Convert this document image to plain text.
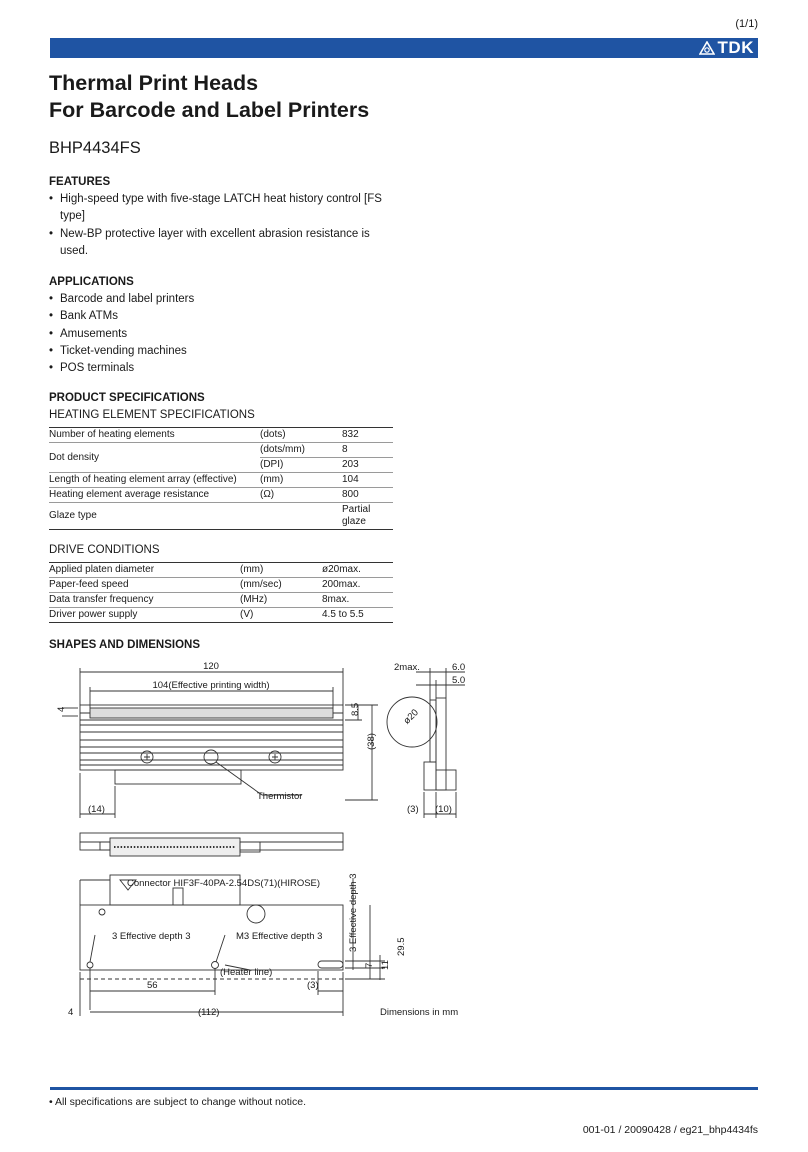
(1/1)
TDK
Thermal Print Heads
For Barcode and Label Printers
BHP4434FS
FEATURES
• High-speed type with five-stage LATCH heat history control [FS type]
• New-BP protective layer with excellent abrasion resistance is used.
APPLICATIONS
• Barcode and label printers
• Bank ATMs
• Amusements
• Ticket-vending machines
• POS terminals
PRODUCT SPECIFICATIONS
HEATING ELEMENT SPECIFICATIONS
Number of heating elements	(dots)	832
Dot density	(dots/mm)	8
	(DPI)	203
Length of heating element array (effective)	(mm)	104
Heating element average resistance	(Ω)	800
Glaze type		Partial glaze
DRIVE CONDITIONS
Applied platen diameter	(mm)	ø20max.
Paper-feed speed	(mm/sec)	200max.
Data transfer frequency	(MHz)	8max.
Driver power supply	(V)	4.5 to 5.5
SHAPES AND DIMENSIONS
120
104(Effective printing width)
4	8.5
(38)
(14)
Thermistor
2max.	6.0
5.0
ø20
(3) (10)
Connector HIF3F-40PA-2.54DS(71)(HIROSE)
3 Effective depth 3	M3 Effective depth 3	3 Effective depth 3
(Heater line)
29.5
7 11
56	(3)
4	(112)	Dimensions in mm
• All specifications are subject to change without notice.
001-01 / 20090428 / eg21_bhp4434fs
